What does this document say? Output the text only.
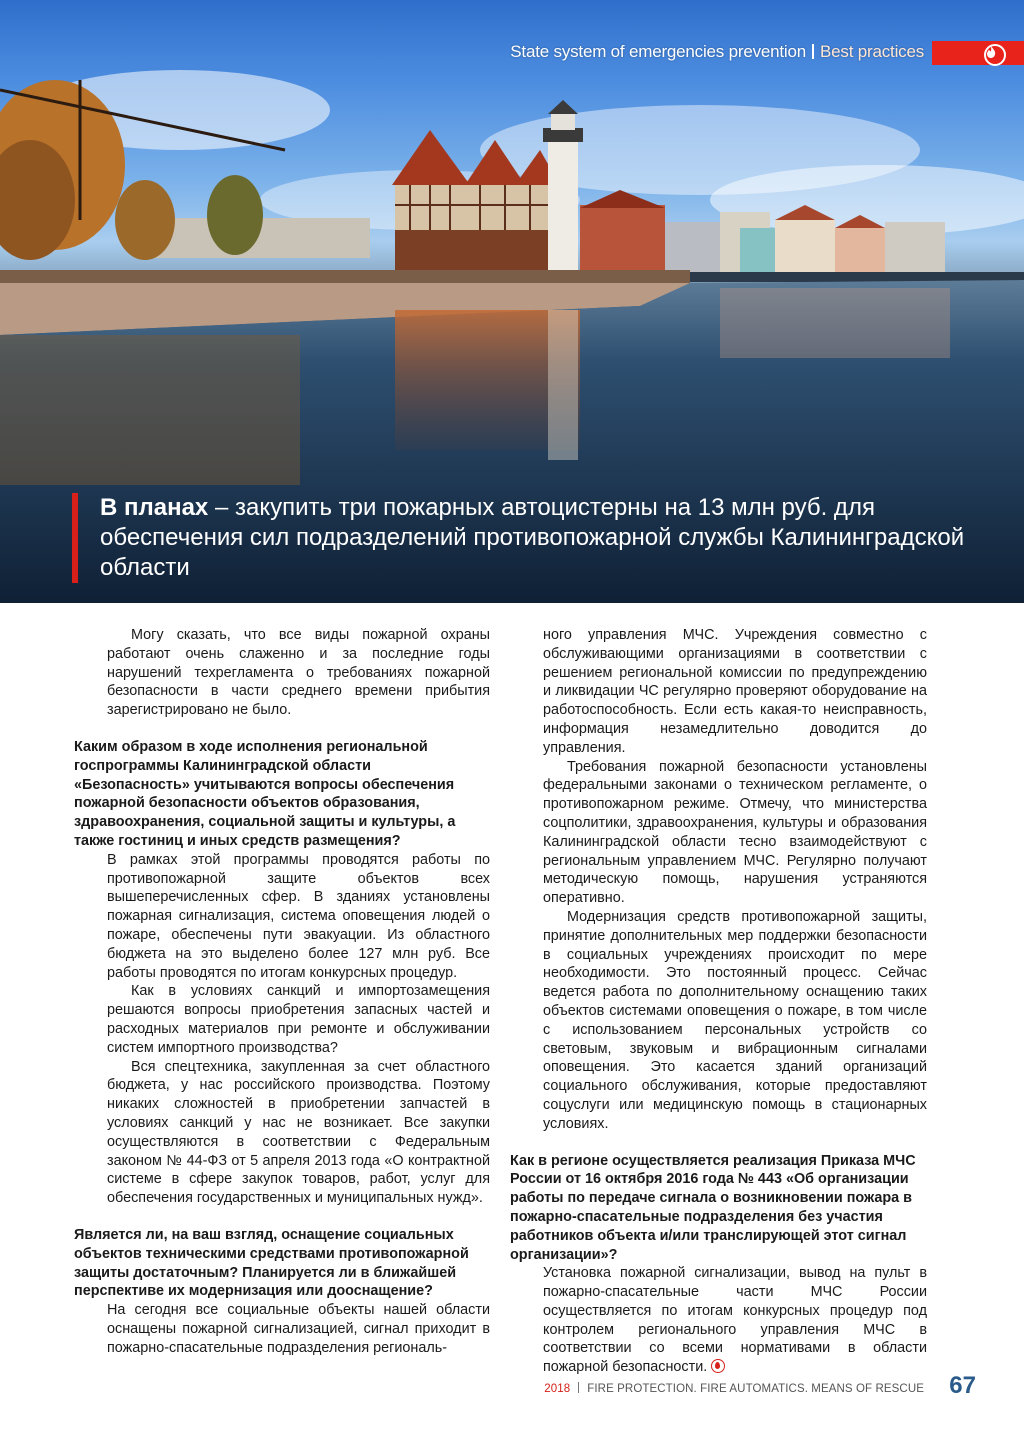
State system of emergencies prevention Best practices
В планах – закупить три пожарных автоцистерны на 13 млн руб. для обеспечения сил подразделений противопожарной службы Калининградской области

Могу сказать, что все виды пожарной охраны работают очень слаженно и за последние годы нарушений техрегламента о требованиях пожарной безопасности в части среднего времени прибытия зарегистрировано не было.

Каким образом в ходе исполнения региональной госпрограммы Калининградской области «Безопасность» учитываются вопросы обеспечения пожарной безопасности объектов образования, здравоохранения, социальной защиты и культуры, а также гостиниц и иных средств размещения?

В рамках этой программы проводятся работы по противопожарной защите объектов всех вышеперечисленных сфер. В зданиях установлены пожарная сигнализация, система оповещения людей о пожаре, обеспечены пути эвакуации. Из областного бюджета на это выделено более 127 млн руб. Все работы проводятся по итогам конкурсных процедур.

Как в условиях санкций и импортозамещения решаются вопросы приобретения запасных частей и расходных материалов при ремонте и обслуживании систем импортного производства?

Вся спецтехника, закупленная за счет областного бюджета, у нас российского производства. Поэтому никаких сложностей в приобретении запчастей в условиях санкций у нас не возникает. Все закупки осуществляются в соответствии с Федеральным законом № 44-ФЗ от 5 апреля 2013 года «О контрактной системе в сфере закупок товаров, работ, услуг для обеспечения государственных и муниципальных нужд».

Является ли, на ваш взгляд, оснащение социальных объектов техническими средствами противопожарной защиты достаточным? Планируется ли в ближайшей перспективе их модернизация или дооснащение?

На сегодня все социальные объекты нашей области оснащены пожарной сигнализацией, сигнал приходит в пожарно-спасательные подразделения региональ-

ного управления МЧС. Учреждения совместно с обслуживающими организациями в соответствии с решением региональной комиссии по предупреждению и ликвидации ЧС регулярно проверяют оборудование на работоспособность. Если есть какая-то неисправность, информация незамедлительно доводится до управления.

Требования пожарной безопасности установлены федеральными законами о техническом регламенте, о противопожарном режиме. Отмечу, что министерства соцполитики, здравоохранения, культуры и образования Калининградской области тесно взаимодействуют с региональным управлением МЧС. Регулярно получают методическую помощь, нарушения устраняются оперативно.

Модернизация средств противопожарной защиты, принятие дополнительных мер поддержки безопасности в социальных учреждениях происходит по мере необходимости. Это постоянный процесс. Сейчас ведется работа по дополнительному оснащению таких объектов системами оповещения о пожаре, в том числе с использованием персональных устройств со световым, звуковым и вибрационным сигналами оповещения. Это касается зданий организаций социального обслуживания, которые предоставляют соцуслуги или медицинскую помощь в стационарных условиях.

Как в регионе осуществляется реализация Приказа МЧС России от 16 октября 2016 года № 443 «Об организации работы по передаче сигнала о возникновении пожара в пожарно-спасательные подразделения без участия работников объекта и/или транслирующей этот сигнал организации»?

Установка пожарной сигнализации, вывод на пульт в пожарно-спасательные части МЧС России осуществляется по итогам конкурсных процедур под контролем регионального управления МЧС в соответствии со всеми нормативами в области пожарной безопасности.

2018 FIRE PROTECTION. FIRE AUTOMATICS. MEANS OF RESCUE 67
